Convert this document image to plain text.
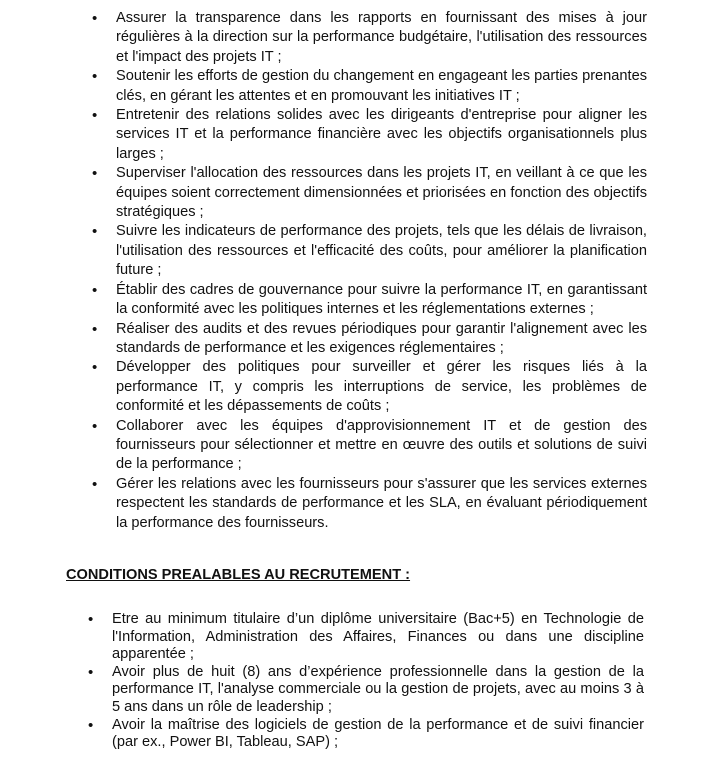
• Assurer la transparence dans les rapports en fournissant des mises à jour régulières à la direction sur la performance budgétaire, l'utilisation des ressources et l'impact des projets IT ;
• Soutenir les efforts de gestion du changement en engageant les parties prenantes clés, en gérant les attentes et en promouvant les initiatives IT ;
• Entretenir des relations solides avec les dirigeants d'entreprise pour aligner les services IT et la performance financière avec les objectifs organisationnels plus larges ;
• Superviser l'allocation des ressources dans les projets IT, en veillant à ce que les équipes soient correctement dimensionnées et priorisées en fonction des objectifs stratégiques ;
• Suivre les indicateurs de performance des projets, tels que les délais de livraison, l'utilisation des ressources et l'efficacité des coûts, pour améliorer la planification future ;
• Établir des cadres de gouvernance pour suivre la performance IT, en garantissant la conformité avec les politiques internes et les réglementations externes ;
• Réaliser des audits et des revues périodiques pour garantir l'alignement avec les standards de performance et les exigences réglementaires ;
• Développer des politiques pour surveiller et gérer les risques liés à la performance IT, y compris les interruptions de service, les problèmes de conformité et les dépassements de coûts ;
• Collaborer avec les équipes d'approvisionnement IT et de gestion des fournisseurs pour sélectionner et mettre en œuvre des outils et solutions de suivi de la performance ;
• Gérer les relations avec les fournisseurs pour s'assurer que les services externes respectent les standards de performance et les SLA, en évaluant périodiquement la performance des fournisseurs.
CONDITIONS PREALABLES AU RECRUTEMENT :
• Etre au minimum titulaire d’un diplôme universitaire (Bac+5) en Technologie de l'Information, Administration des Affaires, Finances ou dans une discipline apparentée ;
• Avoir plus de huit (8) ans d’expérience professionnelle dans la gestion de la performance IT, l'analyse commerciale ou la gestion de projets, avec au moins 3 à 5 ans dans un rôle de leadership ;
• Avoir la maîtrise des logiciels de gestion de la performance et de suivi financier (par ex., Power BI, Tableau, SAP) ;
